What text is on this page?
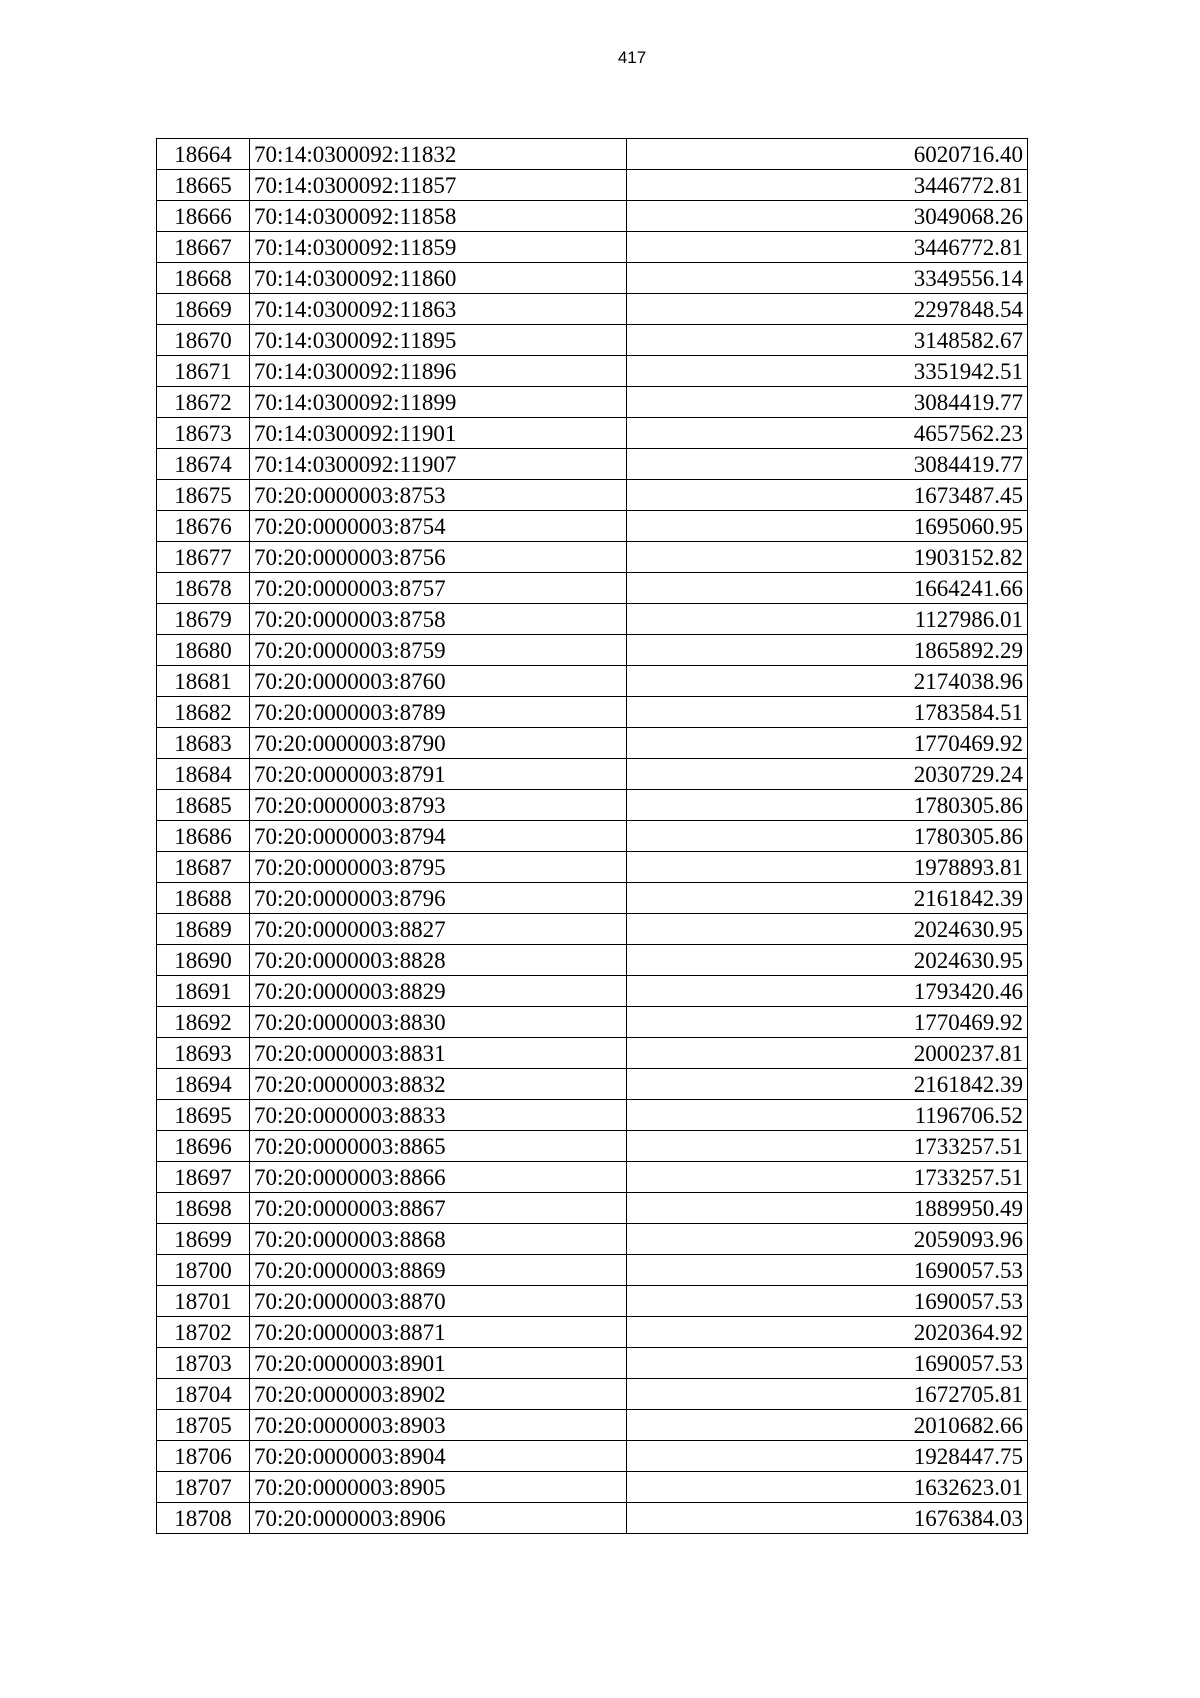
417
18664	70:14:0300092:11832	6020716.40
18665	70:14:0300092:11857	3446772.81
18666	70:14:0300092:11858	3049068.26
18667	70:14:0300092:11859	3446772.81
18668	70:14:0300092:11860	3349556.14
18669	70:14:0300092:11863	2297848.54
18670	70:14:0300092:11895	3148582.67
18671	70:14:0300092:11896	3351942.51
18672	70:14:0300092:11899	3084419.77
18673	70:14:0300092:11901	4657562.23
18674	70:14:0300092:11907	3084419.77
18675	70:20:0000003:8753	1673487.45
18676	70:20:0000003:8754	1695060.95
18677	70:20:0000003:8756	1903152.82
18678	70:20:0000003:8757	1664241.66
18679	70:20:0000003:8758	1127986.01
18680	70:20:0000003:8759	1865892.29
18681	70:20:0000003:8760	2174038.96
18682	70:20:0000003:8789	1783584.51
18683	70:20:0000003:8790	1770469.92
18684	70:20:0000003:8791	2030729.24
18685	70:20:0000003:8793	1780305.86
18686	70:20:0000003:8794	1780305.86
18687	70:20:0000003:8795	1978893.81
18688	70:20:0000003:8796	2161842.39
18689	70:20:0000003:8827	2024630.95
18690	70:20:0000003:8828	2024630.95
18691	70:20:0000003:8829	1793420.46
18692	70:20:0000003:8830	1770469.92
18693	70:20:0000003:8831	2000237.81
18694	70:20:0000003:8832	2161842.39
18695	70:20:0000003:8833	1196706.52
18696	70:20:0000003:8865	1733257.51
18697	70:20:0000003:8866	1733257.51
18698	70:20:0000003:8867	1889950.49
18699	70:20:0000003:8868	2059093.96
18700	70:20:0000003:8869	1690057.53
18701	70:20:0000003:8870	1690057.53
18702	70:20:0000003:8871	2020364.92
18703	70:20:0000003:8901	1690057.53
18704	70:20:0000003:8902	1672705.81
18705	70:20:0000003:8903	2010682.66
18706	70:20:0000003:8904	1928447.75
18707	70:20:0000003:8905	1632623.01
18708	70:20:0000003:8906	1676384.03
